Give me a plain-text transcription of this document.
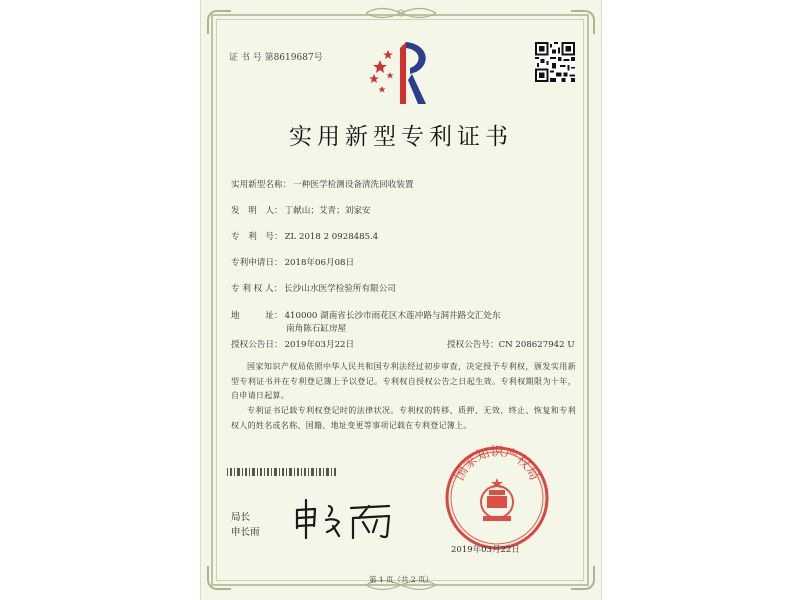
证 书 号 第8619687号
实用新型专利证书
实用新型名称： 一种医学检测设备清洗回收装置
发　明　人： 丁献山；艾青；刘家安
专　利　号： ZL 2018 2 0928485.4
专利申请日： 2018年06月08日
专 利 权 人： 长沙山水医学检验所有限公司
地　　　址： 410000 湖南省长沙市雨花区木莲冲路与洞井路交汇处东
南角陈石缸房屋
授权公告日： 2019年03月22日	授权公告号：CN 208627942 U
国家知识产权局依照中华人民共和国专利法经过初步审查，决定授予专利权，颁发实用新型专利证书并在专利登记簿上予以登记。专利权自授权公告之日起生效。专利权期限为十年，自申请日起算。
专利证书记载专利权登记时的法律状况。专利权的转移、质押、无效、终止、恢复和专利权人的姓名或名称、国籍、地址变更等事项记载在专利登记簿上。
局长
申长雨
国家知识产权局
2019年03月22日
第 1 页（共 2 页）
